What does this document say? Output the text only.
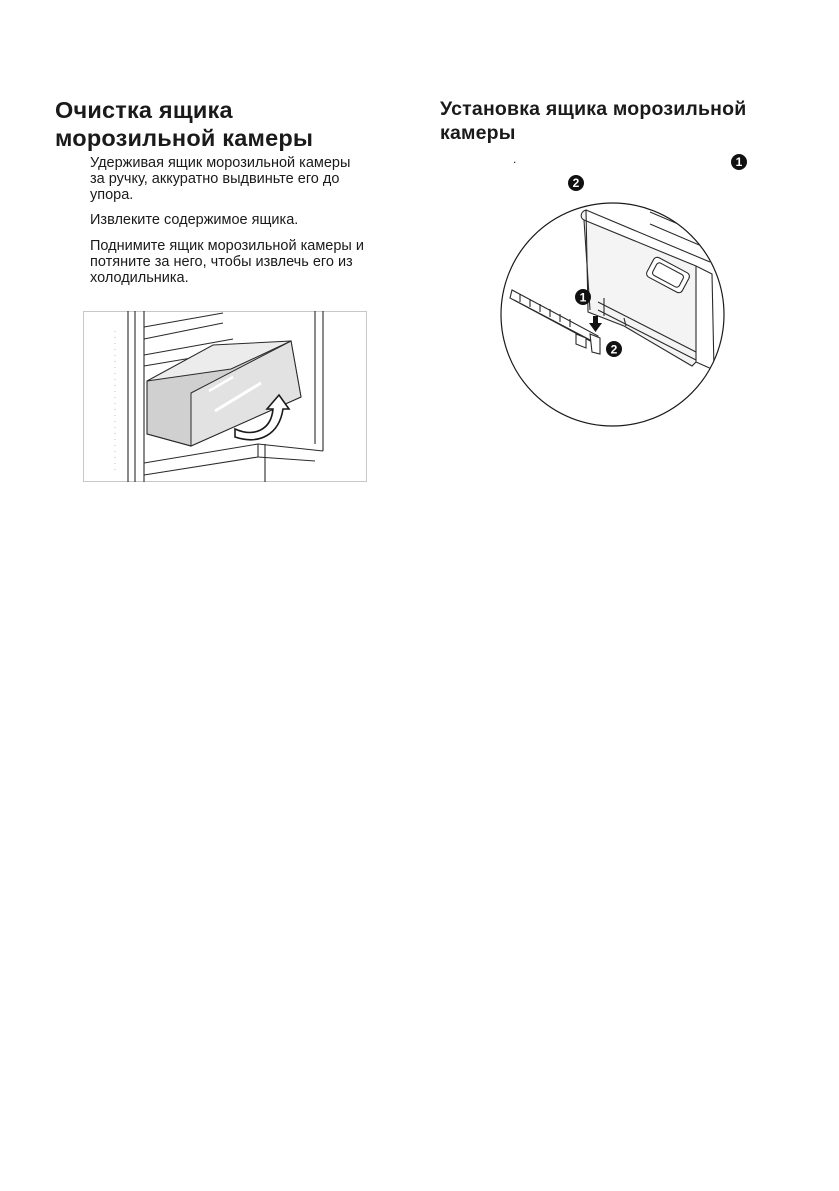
Очистка ящика
морозильной камеры

Удерживая ящик морозильной камеры
за ручку, аккуратно выдвиньте его до
упора.

Извлеките содержимое ящика.

Поднимите ящик морозильной камеры и
потяните за него, чтобы извлечь его из
холодильника.

Установка ящика морозильной
камеры
.	1
2
1
2
